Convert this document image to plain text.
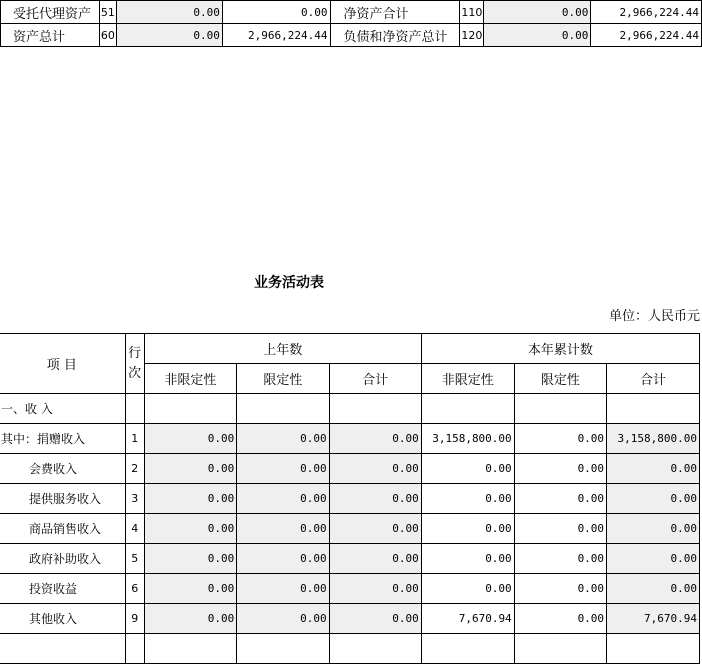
受托代理资产	51	0.00	0.00	净资产合计	110	0.00	2,966,224.44
资产总计	60	0.00	2,966,224.44	负债和净资产总计	120	0.00	2,966,224.44
业务活动表
单位：人民币元
项 目	行次	上年数			本年累计数		
		非限定性	限定性	合计	非限定性	限定性	合计
一、收 入							
其中：捐赠收入	1	0.00	0.00	0.00	3,158,800.00	0.00	3,158,800.00
会费收入	2	0.00	0.00	0.00	0.00	0.00	0.00
提供服务收入	3	0.00	0.00	0.00	0.00	0.00	0.00
商品销售收入	4	0.00	0.00	0.00	0.00	0.00	0.00
政府补助收入	5	0.00	0.00	0.00	0.00	0.00	0.00
投资收益	6	0.00	0.00	0.00	0.00	0.00	0.00
其他收入	9	0.00	0.00	0.00	7,670.94	0.00	7,670.94
